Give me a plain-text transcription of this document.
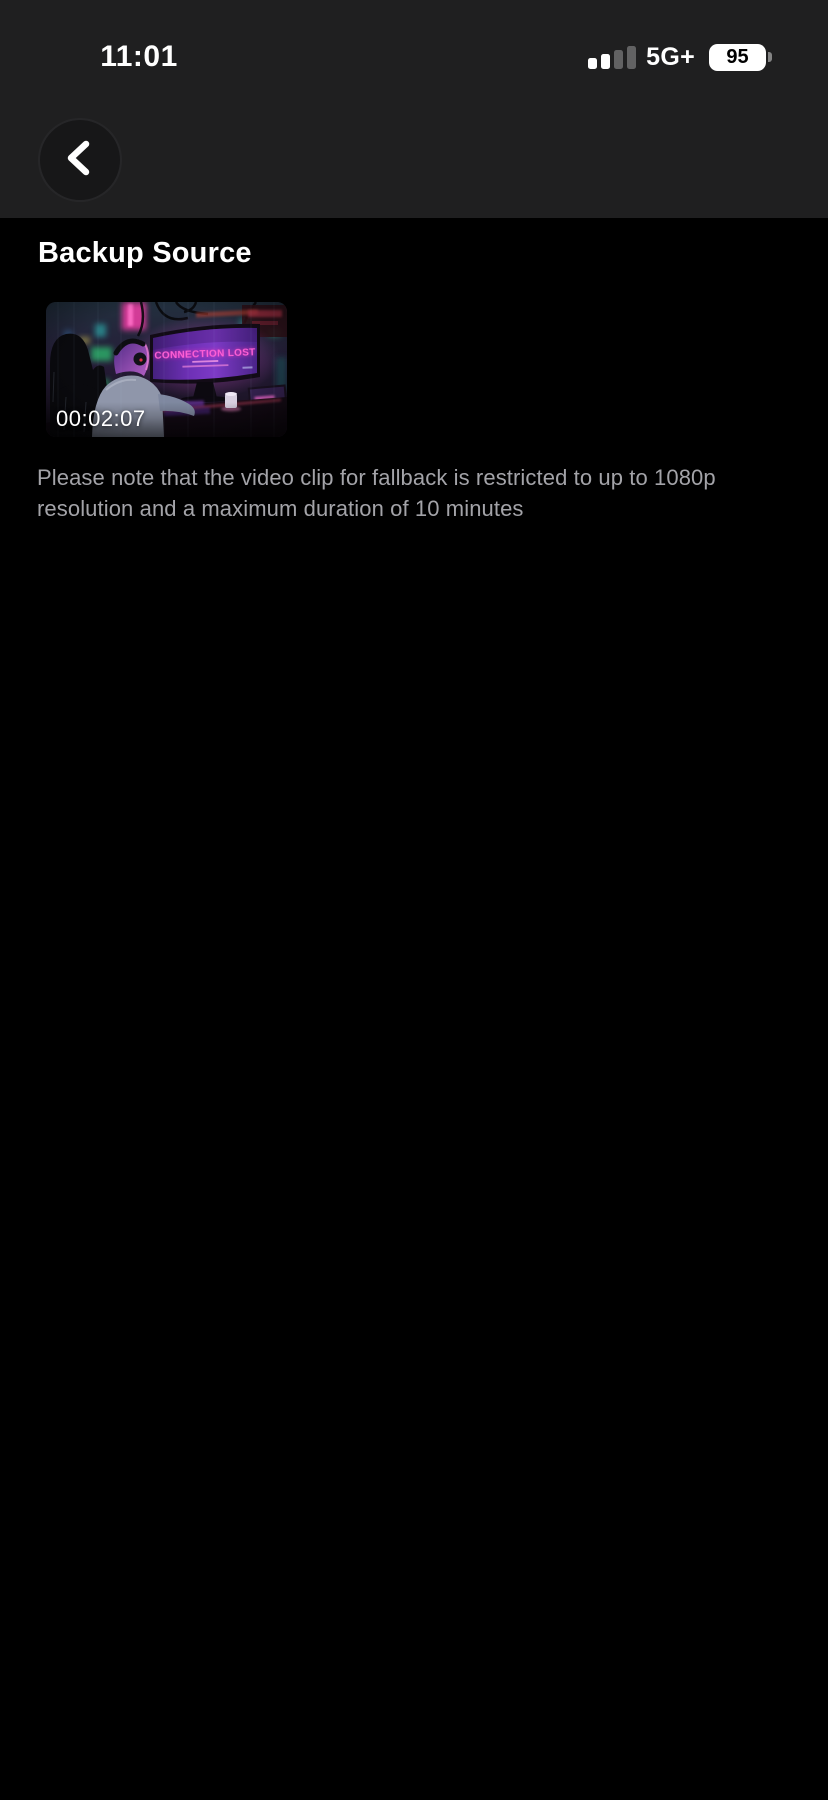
11:01	5G+	95
Backup Source
00:02:07
Please note that the video clip for fallback is restricted to up to 1080p resolution and a maximum duration of 10 minutes
